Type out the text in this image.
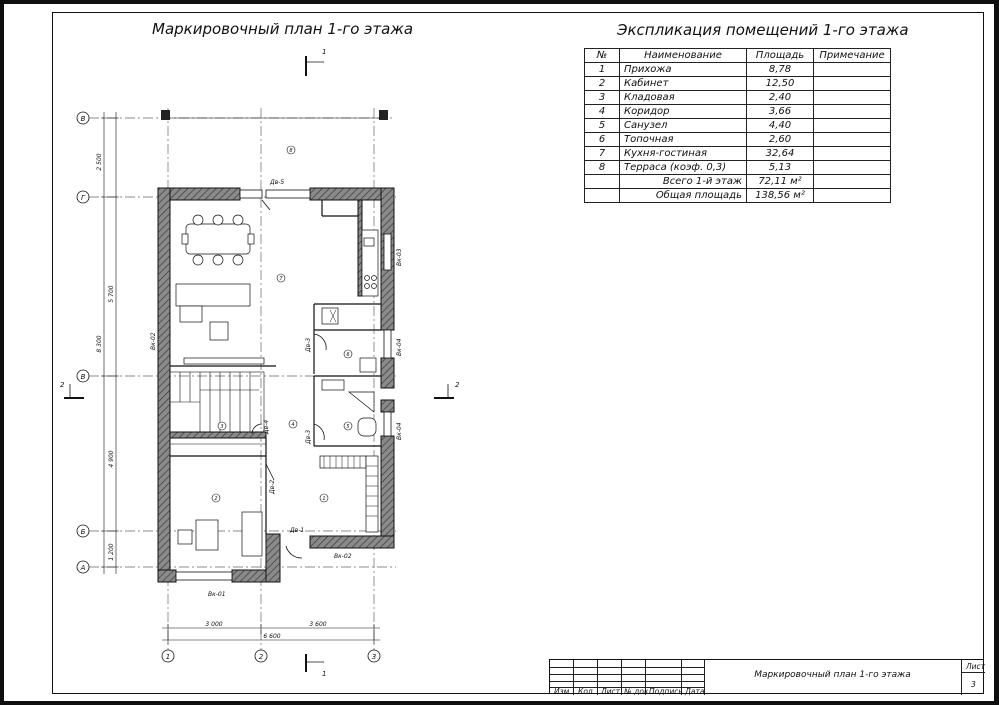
Маркировочный план 1-го этажа	Экспликация помещений 1-го этажа
№	Наименование	Площадь	Примечание
1	Прихожа	8,78	
2	Кабинет	12,50	
3	Кладовая	2,40	
4	Коридор	3,66	
5	Санузел	4,40	
6	Топочная	2,60	
7	Кухня-гостиная	32,64	
8	Терраса (коэф. 0,3)	5,13	
	Всего 1-й этаж	72,11 м²	
	Общая площадь	138,56 м²	
В
Г
В
Б
А
1	2	3
2 500
5 700
8 300
4 900
1 200
3 000	3 600
6 600
1
1
2	2
1
2
3	4	5
6
7
8
Дв-5
Дв-3
Дв-3
Дв-4
Дв-2
Дв-1
Вк-01
Вк-02
Вк-02
Вк-03
Вк-04
Вк-04
Изм Кол. Лист № док Подпись Дата
Маркировочный план 1-го этажа
Лист
3
